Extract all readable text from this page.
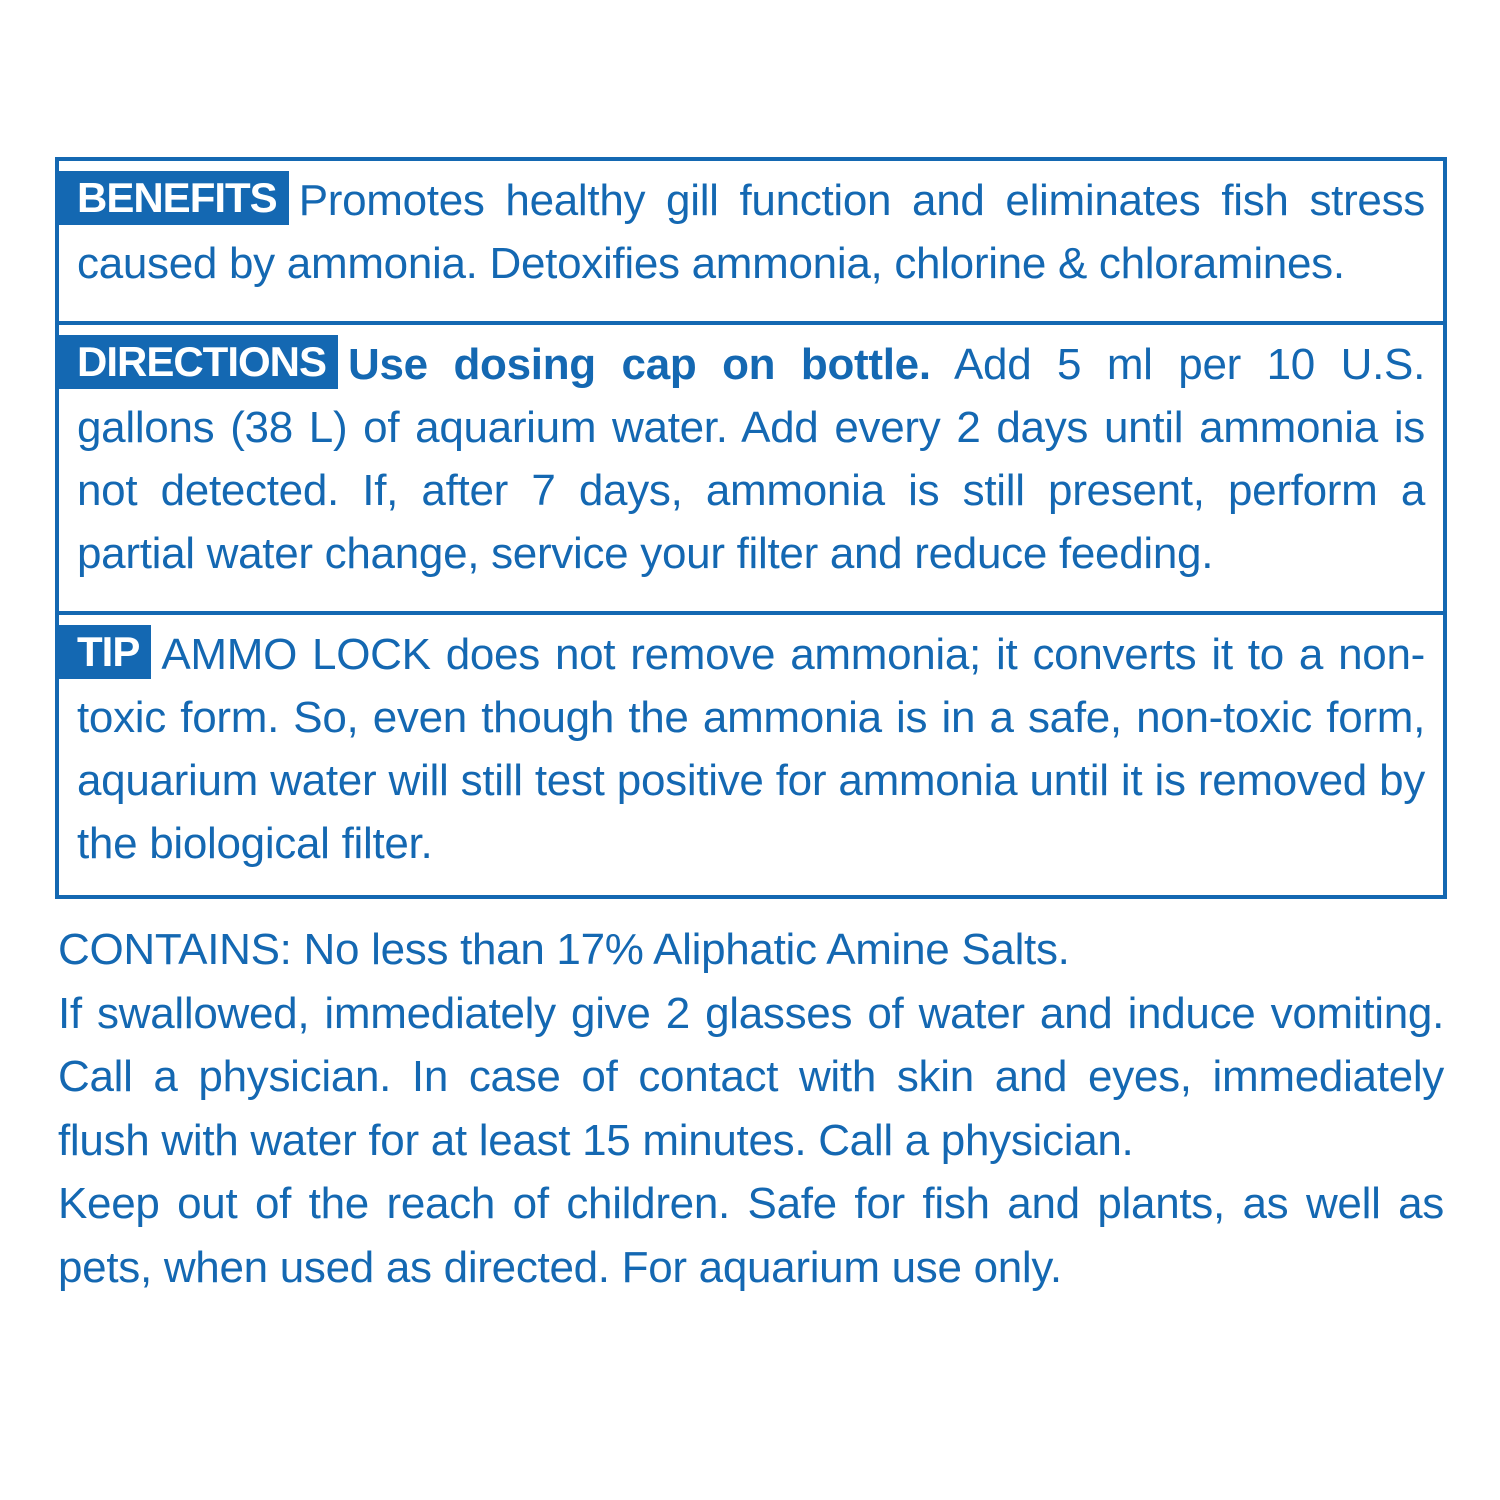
BENEFITS Promotes healthy gill function and eliminates fish stress caused by ammonia. Detoxifies ammonia, chlorine & chloramines.

DIRECTIONS Use dosing cap on bottle. Add 5 ml per 10 U.S. gallons (38 L) of aquarium water. Add every 2 days until ammonia is not detected. If, after 7 days, ammonia is still present, perform a partial water change, service your filter and reduce feeding.

TIP AMMO LOCK does not remove ammonia; it converts it to a non-toxic form. So, even though the ammonia is in a safe, non-toxic form, aquarium water will still test positive for ammonia until it is removed by the biological filter.

CONTAINS: No less than 17% Aliphatic Amine Salts.

If swallowed, immediately give 2 glasses of water and induce vomiting. Call a physician. In case of contact with skin and eyes, immediately flush with water for at least 15 minutes. Call a physician.

Keep out of the reach of children. Safe for fish and plants, as well as pets, when used as directed. For aquarium use only.
